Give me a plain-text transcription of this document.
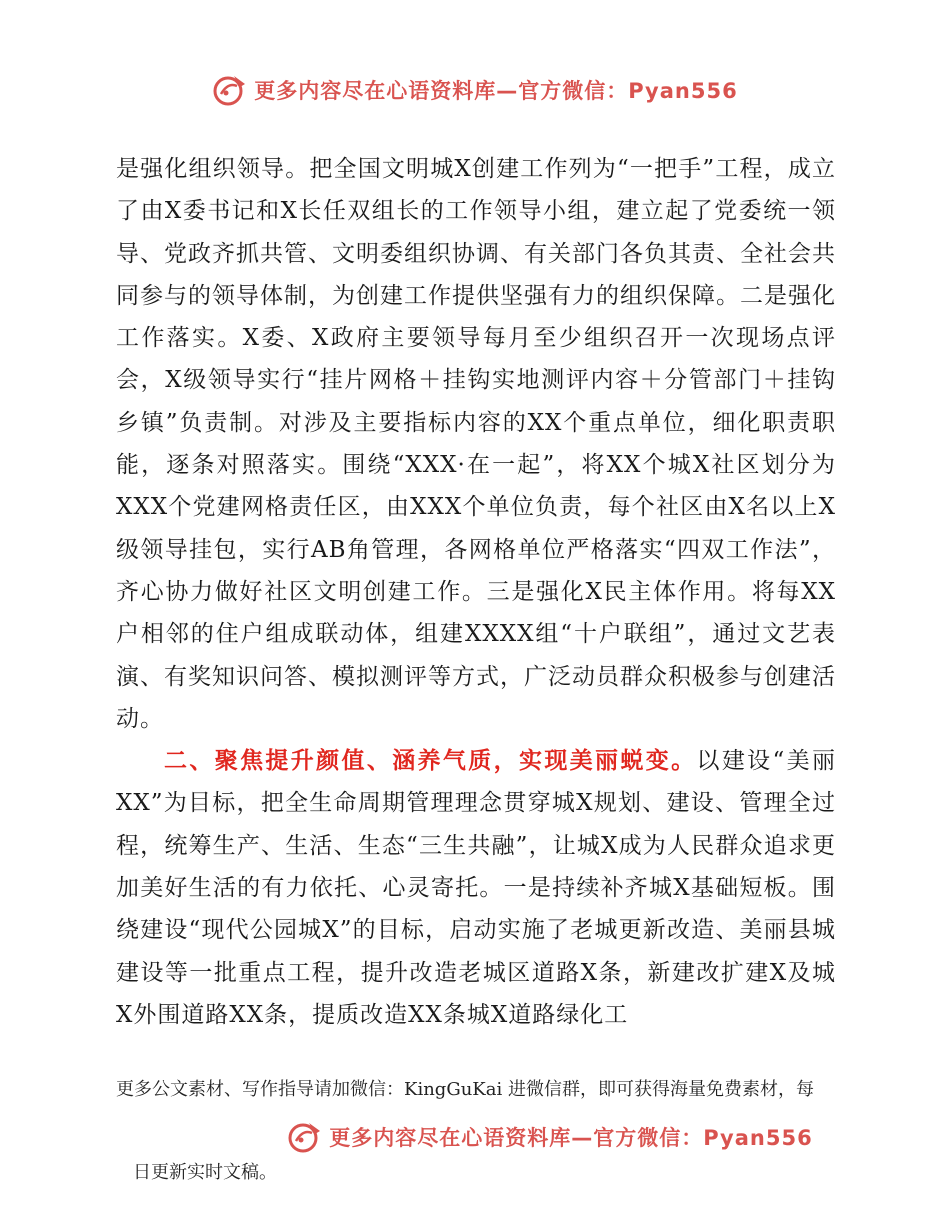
更多内容尽在心语资料库—官方微信：Pyan556

是强化组织领导。把全国文明城X创建工作列为“一把手”工程，成立了由X委书记和X长任双组长的工作领导小组，建立起了党委统一领导、党政齐抓共管、文明委组织协调、有关部门各负其责、全社会共同参与的领导体制，为创建工作提供坚强有力的组织保障。二是强化工作落实。X委、X政府主要领导每月至少组织召开一次现场点评会，X级领导实行“挂片网格＋挂钩实地测评内容＋分管部门＋挂钩乡镇”负责制。对涉及主要指标内容的XX个重点单位，细化职责职能，逐条对照落实。围绕“XXX·在一起”，将XX个城X社区划分为XXX个党建网格责任区，由XXX个单位负责，每个社区由X名以上X级领导挂包，实行AB角管理，各网格单位严格落实“四双工作法”，齐心协力做好社区文明创建工作。三是强化X民主体作用。将每XX户相邻的住户组成联动体，组建XXXX组“十户联组”，通过文艺表演、有奖知识问答、模拟测评等方式，广泛动员群众积极参与创建活动。

二、聚焦提升颜值、涵养气质，实现美丽蜕变。以建设“美丽XX”为目标，把全生命周期管理理念贯穿城X规划、建设、管理全过程，统筹生产、生活、生态“三生共融”，让城X成为人民群众追求更加美好生活的有力依托、心灵寄托。一是持续补齐城X基础短板。围绕建设“现代公园城X”的目标，启动实施了老城更新改造、美丽县城建设等一批重点工程，提升改造老城区道路X条，新建改扩建X及城X外围道路XX条，提质改造XX条城X道路绿化工

更多公文素材、写作指导请加微信：KingGuKai 进微信群，即可获得海量免费素材，每
更多内容尽在心语资料库—官方微信：Pyan556
日更新实时文稿。
